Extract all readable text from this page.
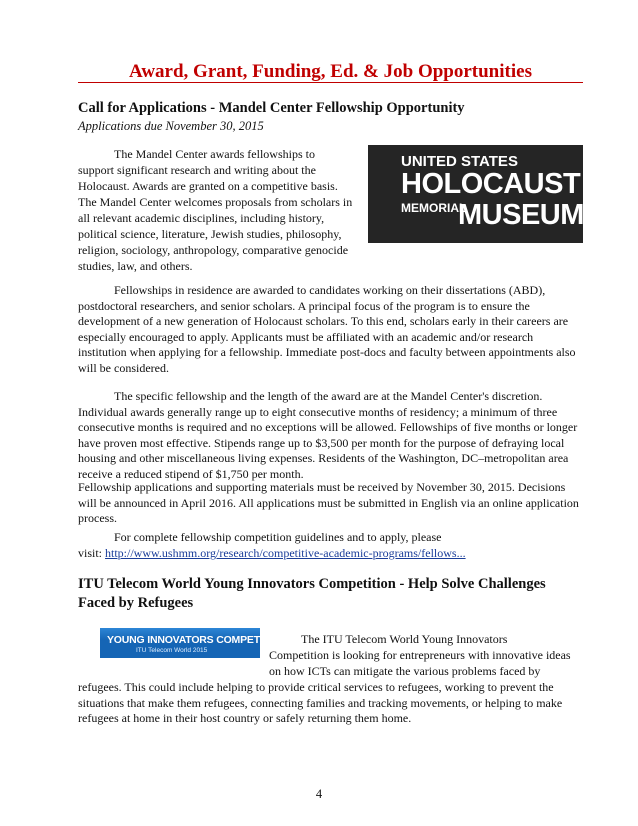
Award, Grant, Funding, Ed. & Job Opportunities
Call for Applications - Mandel Center Fellowship Opportunity
Applications due November 30, 2015

The Mandel Center awards fellowships to

support significant research and writing about the

Holocaust. Awards are granted on a competitive basis.

The Mandel Center welcomes proposals from scholars in

all relevant academic disciplines, including history,

political science, literature, Jewish studies, philosophy,

religion, sociology, anthropology, comparative genocide

studies, law, and others.

UNITED STATES
HOLOCAUST
MEMORIAL
MUSEUM

Fellowships in residence are awarded to candidates working on their dissertations (ABD), postdoctoral researchers, and senior scholars. A principal focus of the program is to ensure the development of a new generation of Holocaust scholars. To this end, scholars early in their careers are especially encouraged to apply. Applicants must be affiliated with an academic and/or research institution when applying for a fellowship. Immediate post-docs and faculty between appointments also will be considered.

The specific fellowship and the length of the award are at the Mandel Center's discretion. Individual awards generally range up to eight consecutive months of residency; a minimum of three consecutive months is required and no exceptions will be allowed. Fellowships of five months or longer have proven most effective. Stipends range up to $3,500 per month for the purpose of defraying local housing and other miscellaneous living expenses. Residents of the Washington, DC–metropolitan area receive a reduced stipend of $1,750 per month.

Fellowship applications and supporting materials must be received by November 30, 2015. Decisions will be announced in April 2016. All applications must be submitted in English via an online application process.

For complete fellowship competition guidelines and to apply, please

visit: http://www.ushmm.org/research/competitive-academic-programs/fellows...

ITU Telecom World Young Innovators Competition - Help Solve Challenges Faced by Refugees
YOUNG INNOVATORS COMPETITION
ITU Telecom World 2015

The ITU Telecom World Young Innovators

Competition is looking for entrepreneurs with innovative ideas

on how ICTs can mitigate the various problems faced by

refugees. This could include helping to provide critical services to refugees, working to prevent the situations that make them refugees, connecting families and tracking movements, or helping to make refugees at home in their host country or safely returning them home.

4
